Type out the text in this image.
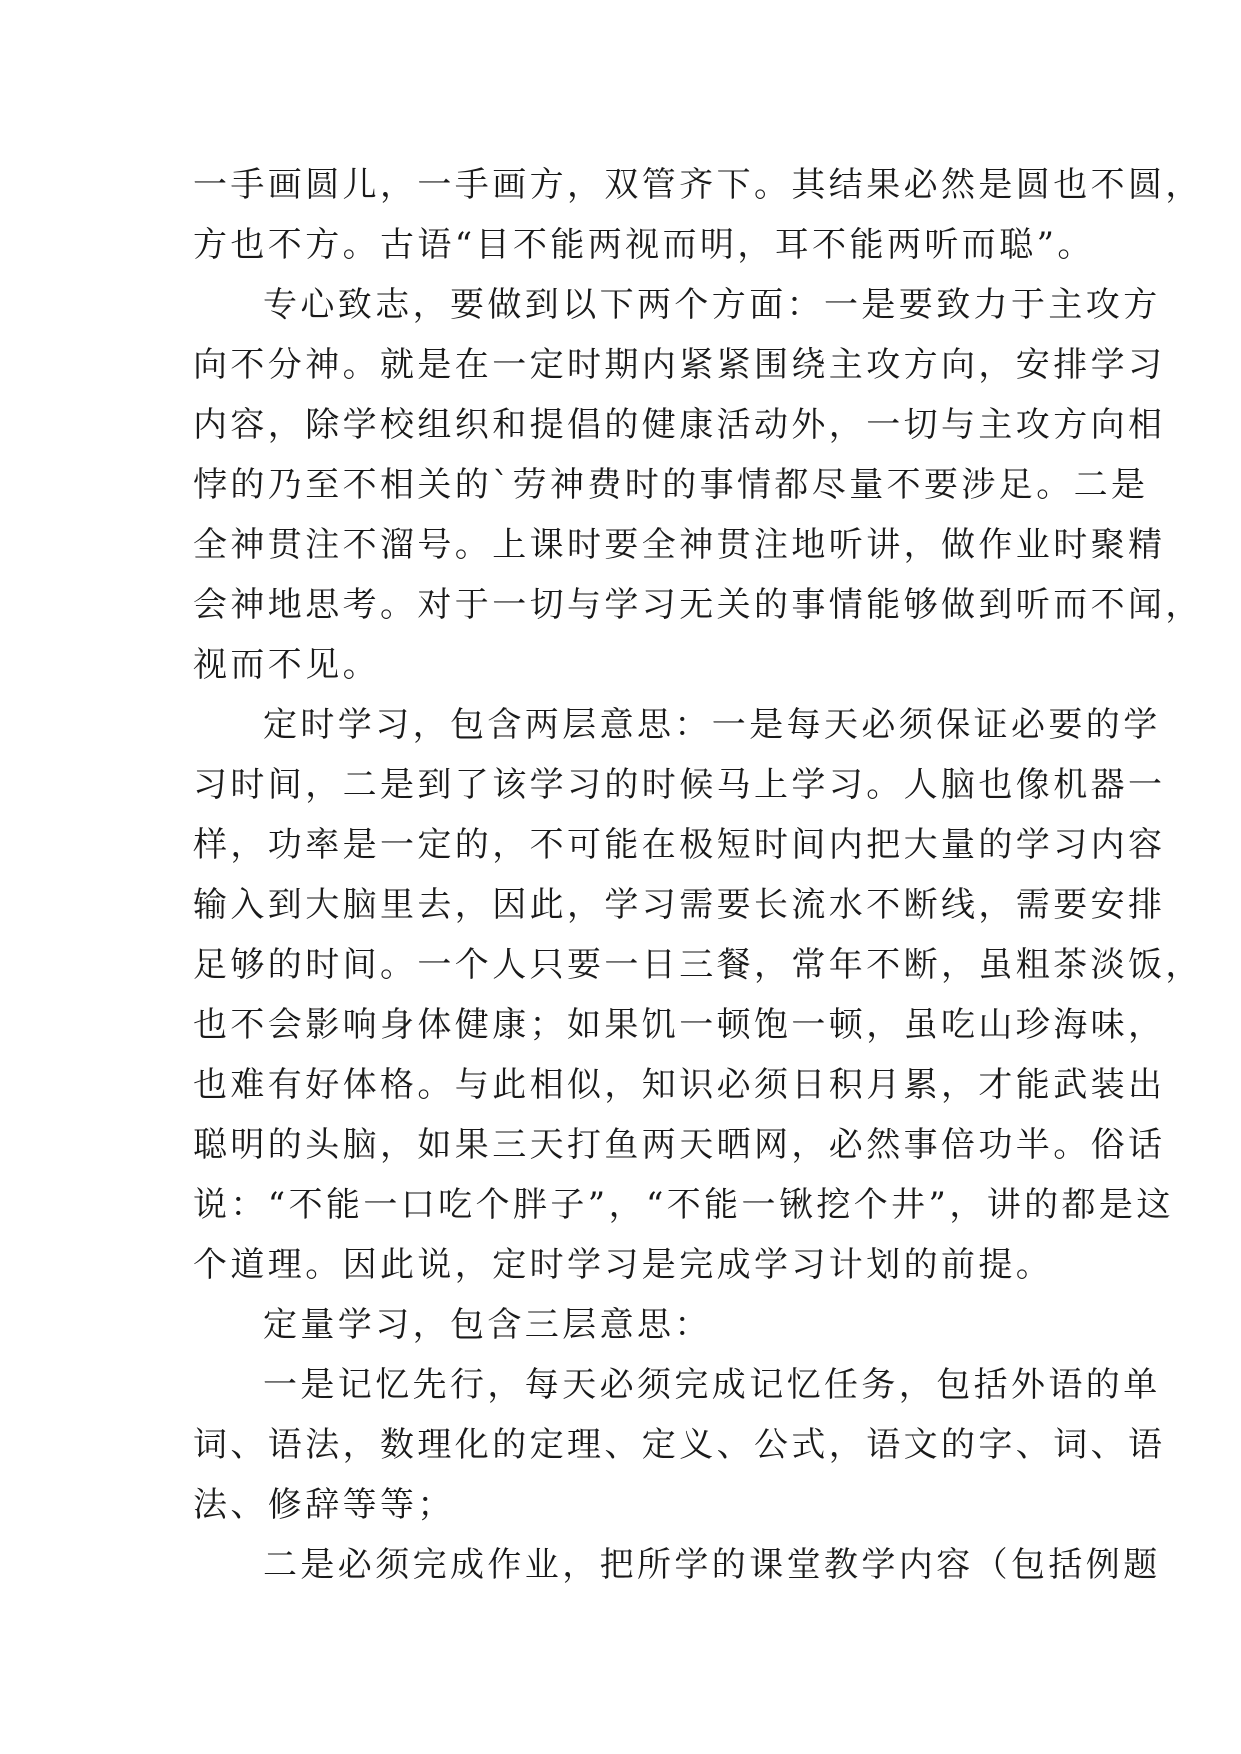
一手画圆儿，一手画方，双管齐下。其结果必然是圆也不圆，
方也不方。古语“目不能两视而明，耳不能两听而聪”。
专心致志，要做到以下两个方面：一是要致力于主攻方
向不分神。就是在一定时期内紧紧围绕主攻方向，安排学习
内容，除学校组织和提倡的健康活动外，一切与主攻方向相
悖的乃至不相关的`劳神费时的事情都尽量不要涉足。二是
全神贯注不溜号。上课时要全神贯注地听讲，做作业时聚精
会神地思考。对于一切与学习无关的事情能够做到听而不闻，
视而不见。
定时学习，包含两层意思：一是每天必须保证必要的学
习时间，二是到了该学习的时候马上学习。人脑也像机器一
样，功率是一定的，不可能在极短时间内把大量的学习内容
输入到大脑里去，因此，学习需要长流水不断线，需要安排
足够的时间。一个人只要一日三餐，常年不断，虽粗茶淡饭，
也不会影响身体健康；如果饥一顿饱一顿，虽吃山珍海味，
也难有好体格。与此相似，知识必须日积月累，才能武装出
聪明的头脑，如果三天打鱼两天晒网，必然事倍功半。俗话
说：“不能一口吃个胖子”，“不能一锹挖个井”，讲的都是这
个道理。因此说，定时学习是完成学习计划的前提。
定量学习，包含三层意思：
一是记忆先行，每天必须完成记忆任务，包括外语的单
词、语法，数理化的定理、定义、公式，语文的字、词、语
法、修辞等等；
二是必须完成作业，把所学的课堂教学内容（包括例题
